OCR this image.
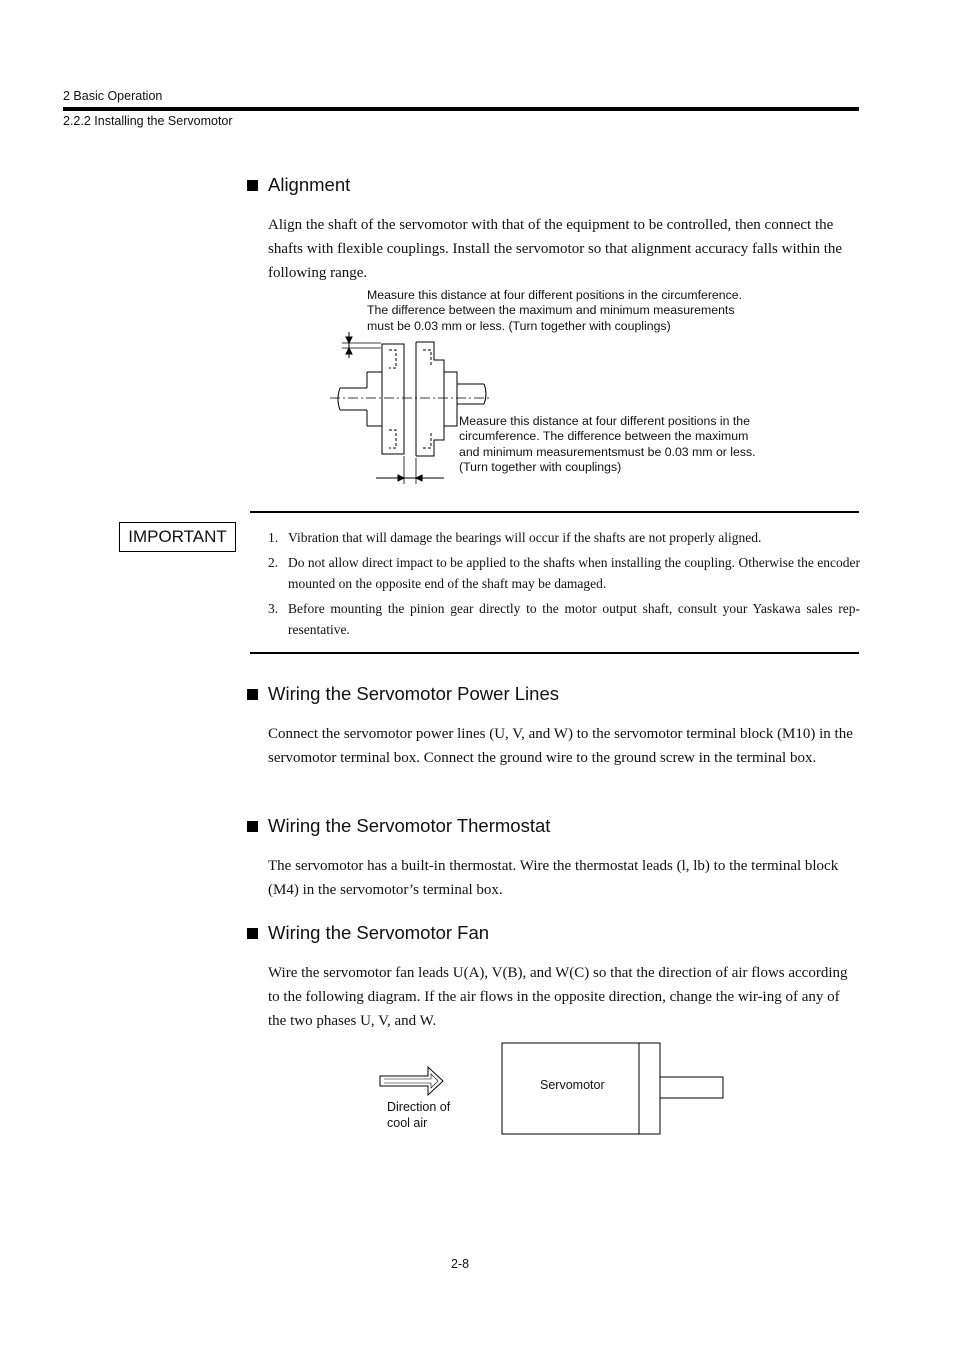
2 Basic Operation
2.2.2 Installing the Servomotor
Alignment
Align the shaft of the servomotor with that of the equipment to be controlled, then connect the shafts with flexible couplings. Install the servomotor so that alignment accuracy falls within the following range.
Measure this distance at four different positions in the circumference.
The difference between the maximum and minimum measurements
must be 0.03 mm or less. (Turn together with couplings)
Measure this distance at four different positions in the
circumference. The difference between the maximum
and minimum measurementsmust be 0.03 mm or less.
(Turn together with couplings)
IMPORTANT	1. Vibration that will damage the bearings will occur if the shafts are not properly aligned.
2. Do not allow direct impact to be applied to the shafts when installing the coupling. Otherwise the encoder mounted on the opposite end of the shaft may be damaged.
3. Before mounting the pinion gear directly to the motor output shaft, consult your Yaskawa sales rep-resentative.
Wiring the Servomotor Power Lines
Connect the servomotor power lines (U, V, and W) to the servomotor terminal block (M10) in the servomotor terminal box. Connect the ground wire to the ground screw in the terminal box.
Wiring the Servomotor Thermostat
The servomotor has a built-in thermostat. Wire the thermostat leads (l, lb) to the terminal block (M4) in the servomotor’s terminal box.
Wiring the Servomotor Fan
Wire the servomotor fan leads U(A), V(B), and W(C) so that the direction of air flows according to the following diagram. If the air flows in the opposite direction, change the wir-ing of any of the two phases U, V, and W.
Servomotor
Direction of
cool air
2-8
